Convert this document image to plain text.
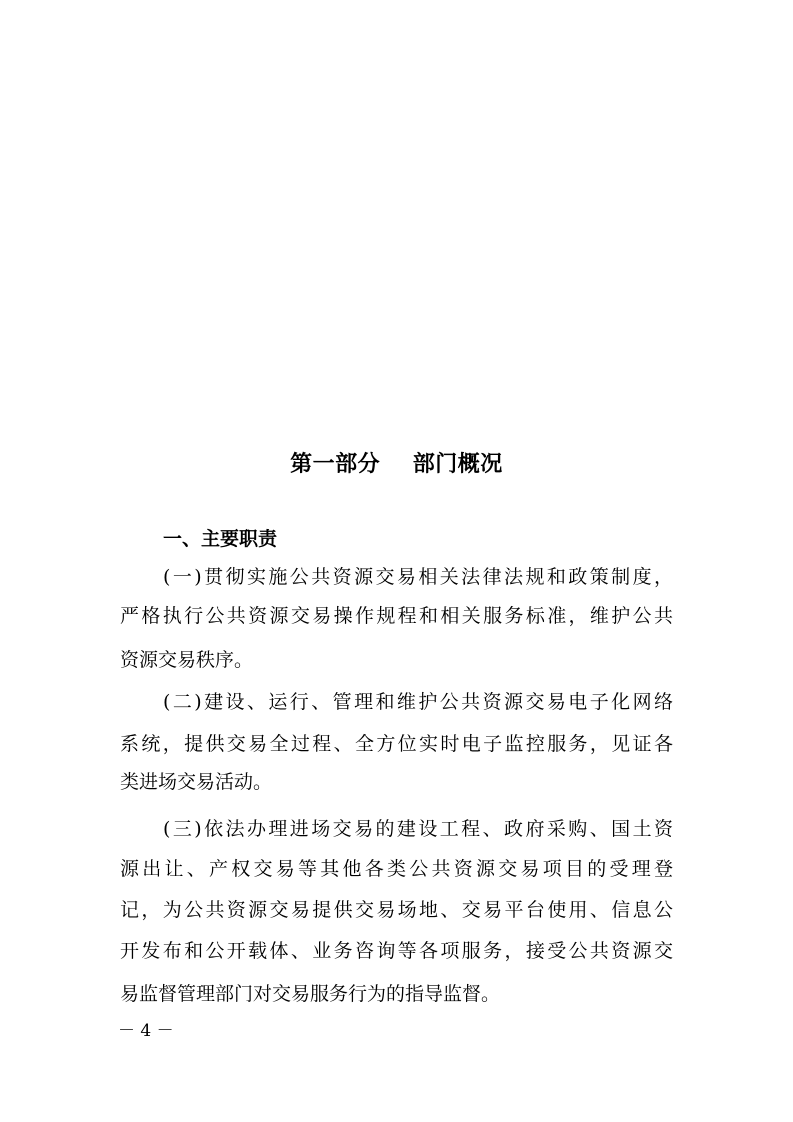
第一部分    部门概况
一、主要职责
(一)贯彻实施公共资源交易相关法律法规和政策制度，
严格执行公共资源交易操作规程和相关服务标准，维护公共
资源交易秩序。
(二)建设、运行、管理和维护公共资源交易电子化网络
系统，提供交易全过程、全方位实时电子监控服务，见证各
类进场交易活动。
(三)依法办理进场交易的建设工程、政府采购、国土资
源出让、产权交易等其他各类公共资源交易项目的受理登
记，为公共资源交易提供交易场地、交易平台使用、信息公
开发布和公开载体、业务咨询等各项服务，接受公共资源交
易监督管理部门对交易服务行为的指导监督。
－ 4 －
